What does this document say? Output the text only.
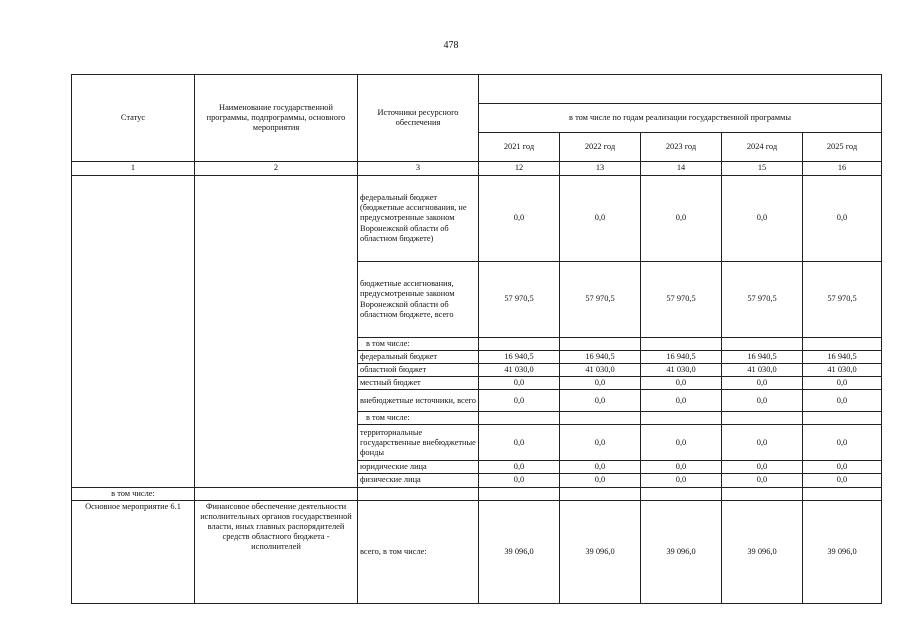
478
Статус	Наименование государственной программы, подпрограммы, основного мероприятия	Источники ресурсного обеспечения					
			в том числе по годам реализации государственной программы				
			2021 год	2022 год	2023 год	2024 год	2025 год
1	2	3	12	13	14	15	16
		федеральный бюджет (бюджетные ассигнования, не предусмотренные законом Воронежской области об областном бюджете)	0,0	0,0	0,0	0,0	0,0
		бюджетные ассигнования, предусмотренные законом Воронежской области об областном бюджете, всего	57 970,5	57 970,5	57 970,5	57 970,5	57 970,5
		в том числе:					
		федеральный бюджет	16 940,5	16 940,5	16 940,5	16 940,5	16 940,5
		областной бюджет	41 030,0	41 030,0	41 030,0	41 030,0	41 030,0
		местный бюджет	0,0	0,0	0,0	0,0	0,0
		внебюджетные источники, всего	0,0	0,0	0,0	0,0	0,0
		в том числе:					
		территориальные государственные внебюджетные фонды	0,0	0,0	0,0	0,0	0,0
		юридические лица	0,0	0,0	0,0	0,0	0,0
		физические лица	0,0	0,0	0,0	0,0	0,0
в том числе:							
Основное мероприятие 6.1	Финансовое обеспечение деятельности исполнительных органов государственной власти, иных главных распорядителей средств областного бюджета - исполнителей	всего, в том числе:	39 096,0	39 096,0	39 096,0	39 096,0	39 096,0
